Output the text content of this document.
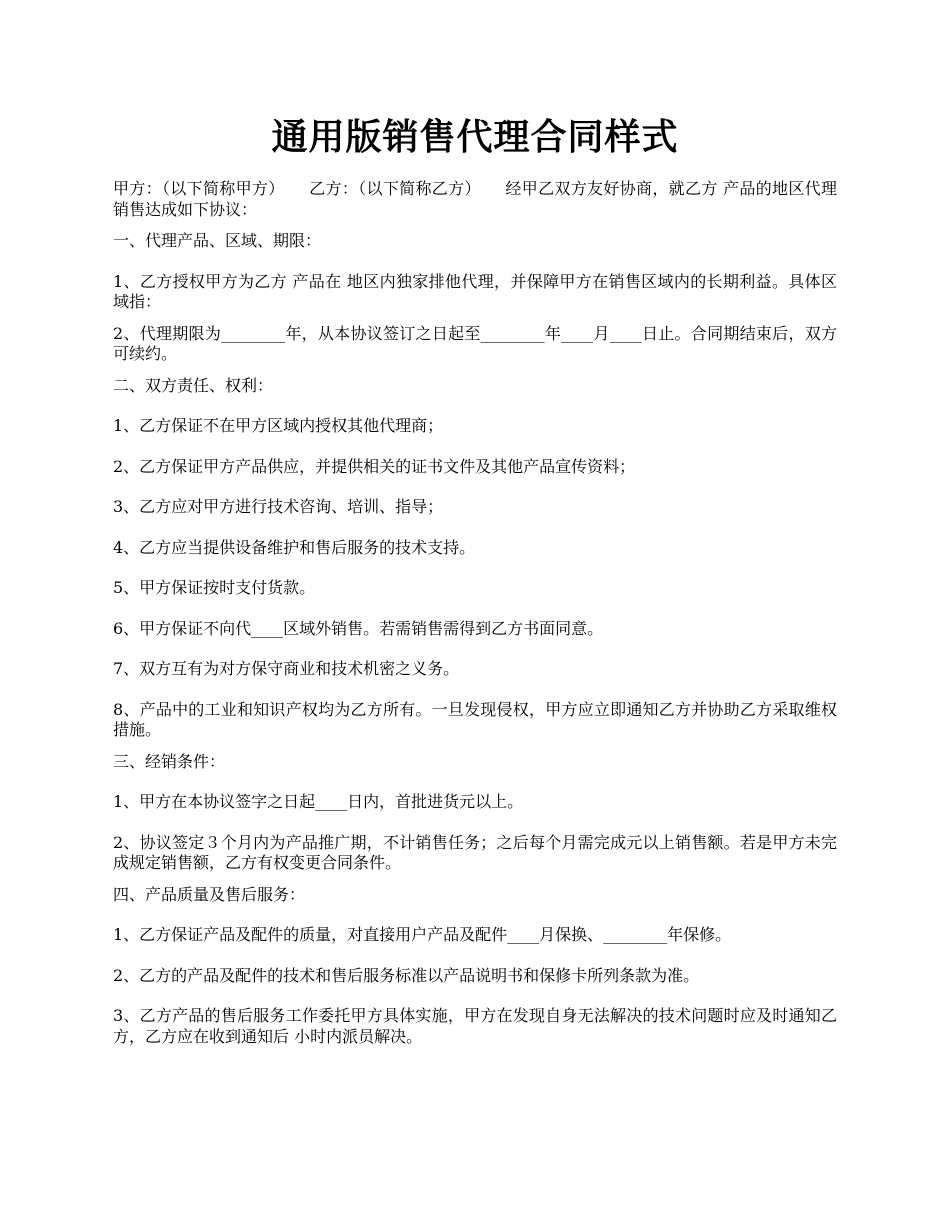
通用版销售代理合同样式

甲方：（以下简称甲方）　　乙方：（以下简称乙方）　　经甲乙双方友好协商，就乙方 产品的地区代理销售达成如下协议：

一、代理产品、区域、期限：

1、乙方授权甲方为乙方 产品在 地区内独家排他代理，并保障甲方在销售区域内的长期利益。具体区域指：

2、代理期限为________年，从本协议签订之日起至________年____月____日止。合同期结束后，双方可续约。

二、双方责任、权利：

1、乙方保证不在甲方区域内授权其他代理商；

2、乙方保证甲方产品供应，并提供相关的证书文件及其他产品宣传资料；

3、乙方应对甲方进行技术咨询、培训、指导；

4、乙方应当提供设备维护和售后服务的技术支持。

5、甲方保证按时支付货款。

6、甲方保证不向代____区域外销售。若需销售需得到乙方书面同意。

7、双方互有为对方保守商业和技术机密之义务。

8、产品中的工业和知识产权均为乙方所有。一旦发现侵权，甲方应立即通知乙方并协助乙方采取维权措施。

三、经销条件：

1、甲方在本协议签字之日起____日内，首批进货元以上。

2、协议签定３个月内为产品推广期，不计销售任务；之后每个月需完成元以上销售额。若是甲方未完成规定销售额，乙方有权变更合同条件。

四、产品质量及售后服务：

1、乙方保证产品及配件的质量，对直接用户产品及配件____月保换、________年保修。

2、乙方的产品及配件的技术和售后服务标准以产品说明书和保修卡所列条款为准。

3、乙方产品的售后服务工作委托甲方具体实施，甲方在发现自身无法解决的技术问题时应及时通知乙方，乙方应在收到通知后 小时内派员解决。
